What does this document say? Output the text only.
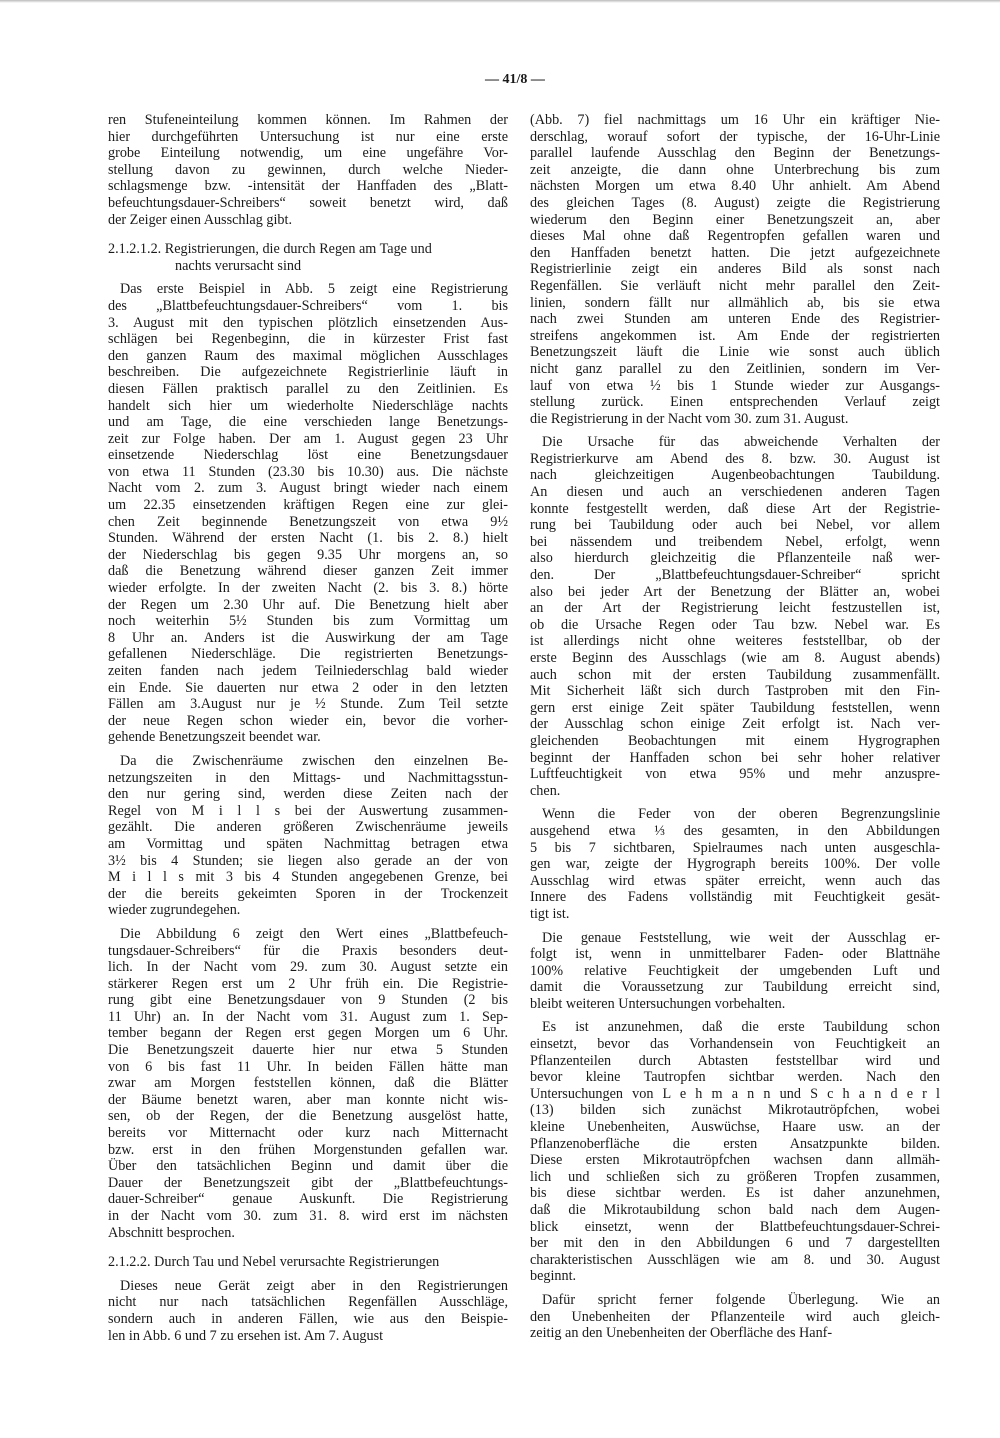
— 41/8 —
ren Stufeneinteilung kommen können. Im Rahmen der
hier durchgeführten Untersuchung ist nur eine erste
grobe Einteilung notwendig, um eine ungefähre Vor-
stellung davon zu gewinnen, durch welche Nieder-
schlagsmenge bzw. -intensität der Hanffaden des „Blatt-
befeuchtungsdauer-Schreibers“ soweit benetzt wird, daß
der Zeiger einen Ausschlag gibt.
2.1.2.1.2. Registrierungen, die durch Regen am Tage und
nachts verursacht sind
Das erste Beispiel in Abb. 5 zeigt eine Registrierung
des „Blattbefeuchtungsdauer-Schreibers“ vom 1. bis
3. August mit den typischen plötzlich einsetzenden Aus-
schlägen bei Regenbeginn, die in kürzester Frist fast
den ganzen Raum des maximal möglichen Ausschlages
beschreiben. Die aufgezeichnete Registrierlinie läuft in
diesen Fällen praktisch parallel zu den Zeitlinien. Es
handelt sich hier um wiederholte Niederschläge nachts
und am Tage, die eine verschieden lange Benetzungs-
zeit zur Folge haben. Der am 1. August gegen 23 Uhr
einsetzende Niederschlag löst eine Benetzungsdauer
von etwa 11 Stunden (23.30 bis 10.30) aus. Die nächste
Nacht vom 2. zum 3. August bringt wieder nach einem
um 22.35 einsetzenden kräftigen Regen eine zur glei-
chen Zeit beginnende Benetzungszeit von etwa 9½
Stunden. Während der ersten Nacht (1. bis 2. 8.) hielt
der Niederschlag bis gegen 9.35 Uhr morgens an, so
daß die Benetzung während dieser ganzen Zeit immer
wieder erfolgte. In der zweiten Nacht (2. bis 3. 8.) hörte
der Regen um 2.30 Uhr auf. Die Benetzung hielt aber
noch weiterhin 5½ Stunden bis zum Vormittag um
8 Uhr an. Anders ist die Auswirkung der am Tage
gefallenen Niederschläge. Die registrierten Benetzungs-
zeiten fanden nach jedem Teilniederschlag bald wieder
ein Ende. Sie dauerten nur etwa 2 oder in den letzten
Fällen am 3.August nur je ½ Stunde. Zum Teil setzte
der neue Regen schon wieder ein, bevor die vorher-
gehende Benetzungszeit beendet war.
Da die Zwischenräume zwischen den einzelnen Be-
netzungszeiten in den Mittags- und Nachmittagsstun-
den nur gering sind, werden diese Zeiten nach der
Regel von M i l l s bei der Auswertung zusammen-
gezählt. Die anderen größeren Zwischenräume jeweils
am Vormittag und späten Nachmittag betragen etwa
3½ bis 4 Stunden; sie liegen also gerade an der von
M i l l s mit 3 bis 4 Stunden angegebenen Grenze, bei
der die bereits gekeimten Sporen in der Trockenzeit
wieder zugrundegehen.
Die Abbildung 6 zeigt den Wert eines „Blattbefeuch-
tungsdauer-Schreibers“ für die Praxis besonders deut-
lich. In der Nacht vom 29. zum 30. August setzte ein
stärkerer Regen erst um 2 Uhr früh ein. Die Registrie-
rung gibt eine Benetzungsdauer von 9 Stunden (2 bis
11 Uhr) an. In der Nacht vom 31. August zum 1. Sep-
tember begann der Regen erst gegen Morgen um 6 Uhr.
Die Benetzungszeit dauerte hier nur etwa 5 Stunden
von 6 bis fast 11 Uhr. In beiden Fällen hätte man
zwar am Morgen feststellen können, daß die Blätter
der Bäume benetzt waren, aber man konnte nicht wis-
sen, ob der Regen, der die Benetzung ausgelöst hatte,
bereits vor Mitternacht oder kurz nach Mitternacht
bzw. erst in den frühen Morgenstunden gefallen war.
Über den tatsächlichen Beginn und damit über die
Dauer der Benetzungszeit gibt der „Blattbefeuchtungs-
dauer-Schreiber“ genaue Auskunft. Die Registrierung
in der Nacht vom 30. zum 31. 8. wird erst im nächsten
Abschnitt besprochen.
2.1.2.2. Durch Tau und Nebel verursachte Registrierungen
Dieses neue Gerät zeigt aber in den Registrierungen
nicht nur nach tatsächlichen Regenfällen Ausschläge,
sondern auch in anderen Fällen, wie aus den Beispie-
len in Abb. 6 und 7 zu ersehen ist. Am 7. August
(Abb. 7) fiel nachmittags um 16 Uhr ein kräftiger Nie-
derschlag, worauf sofort der typische, der 16-Uhr-Linie
parallel laufende Ausschlag den Beginn der Benetzungs-
zeit anzeigte, die dann ohne Unterbrechung bis zum
nächsten Morgen um etwa 8.40 Uhr anhielt. Am Abend
des gleichen Tages (8. August) zeigte die Registrierung
wiederum den Beginn einer Benetzungszeit an, aber
dieses Mal ohne daß Regentropfen gefallen waren und
den Hanffaden benetzt hatten. Die jetzt aufgezeichnete
Registrierlinie zeigt ein anderes Bild als sonst nach
Regenfällen. Sie verläuft nicht mehr parallel den Zeit-
linien, sondern fällt nur allmählich ab, bis sie etwa
nach zwei Stunden am unteren Ende des Registrier-
streifens angekommen ist. Am Ende der registrierten
Benetzungszeit läuft die Linie wie sonst auch üblich
nicht ganz parallel zu den Zeitlinien, sondern im Ver-
lauf von etwa ½ bis 1 Stunde wieder zur Ausgangs-
stellung zurück. Einen entsprechenden Verlauf zeigt
die Registrierung in der Nacht vom 30. zum 31. August.
Die Ursache für das abweichende Verhalten der
Registrierkurve am Abend des 8. bzw. 30. August ist
nach gleichzeitigen Augenbeobachtungen Taubildung.
An diesen und auch an verschiedenen anderen Tagen
konnte festgestellt werden, daß diese Art der Registrie-
rung bei Taubildung oder auch bei Nebel, vor allem
bei nässendem und treibendem Nebel, erfolgt, wenn
also hierdurch gleichzeitig die Pflanzenteile naß wer-
den. Der „Blattbefeuchtungsdauer-Schreiber“ spricht
also bei jeder Art der Benetzung der Blätter an, wobei
an der Art der Registrierung leicht festzustellen ist,
ob die Ursache Regen oder Tau bzw. Nebel war. Es
ist allerdings nicht ohne weiteres feststellbar, ob der
erste Beginn des Ausschlags (wie am 8. August abends)
auch schon mit der ersten Taubildung zusammenfällt.
Mit Sicherheit läßt sich durch Tastproben mit den Fin-
gern erst einige Zeit später Taubildung feststellen, wenn
der Ausschlag schon einige Zeit erfolgt ist. Nach ver-
gleichenden Beobachtungen mit einem Hygrographen
beginnt der Hanffaden schon bei sehr hoher relativer
Luftfeuchtigkeit von etwa 95% und mehr anzusprе-
chen.
Wenn die Feder von der oberen Begrenzungslinie
ausgehend etwa ⅓ des gesamten, in den Abbildungen
5 bis 7 sichtbaren, Spielraumes nach unten ausgeschla-
gen war, zeigte der Hygrograph bereits 100%. Der volle
Ausschlag wird etwas später erreicht, wenn auch das
Innere des Fadens vollständig mit Feuchtigkeit gesät-
tigt ist.
Die genaue Feststellung, wie weit der Ausschlag er-
folgt ist, wenn in unmittelbarer Faden- oder Blattnähe
100% relative Feuchtigkeit der umgebenden Luft und
damit die Voraussetzung zur Taubildung erreicht sind,
bleibt weiteren Untersuchungen vorbehalten.
Es ist anzunehmen, daß die erste Taubildung schon
einsetzt, bevor das Vorhandensein von Feuchtigkeit an
Pflanzenteilen durch Abtasten feststellbar wird und
bevor kleine Tautropfen sichtbar werden. Nach den
Untersuchungen von L e h m a n n und S c h a n d e r l
(13) bilden sich zunächst Mikrotautröpfchen, wobei
kleine Unebenheiten, Auswüchse, Haare usw. an der
Pflanzenoberfläche die ersten Ansatzpunkte bilden.
Diese ersten Mikrotautröpfchen wachsen dann allmäh-
lich und schließen sich zu größeren Tropfen zusammen,
bis diese sichtbar werden. Es ist daher anzunehmen,
daß die Mikrotaubildung schon bald nach dem Augen-
blick einsetzt, wenn der Blattbefeuchtungsdauer-Schrei-
ber mit den in den Abbildungen 6 und 7 dargestellten
charakteristischen Ausschlägen wie am 8. und 30. August
beginnt.
Dafür spricht ferner folgende Überlegung. Wie an
den Unebenheiten der Pflanzenteile wird auch gleich-
zeitig an den Unebenheiten der Oberfläche des Hanf-
